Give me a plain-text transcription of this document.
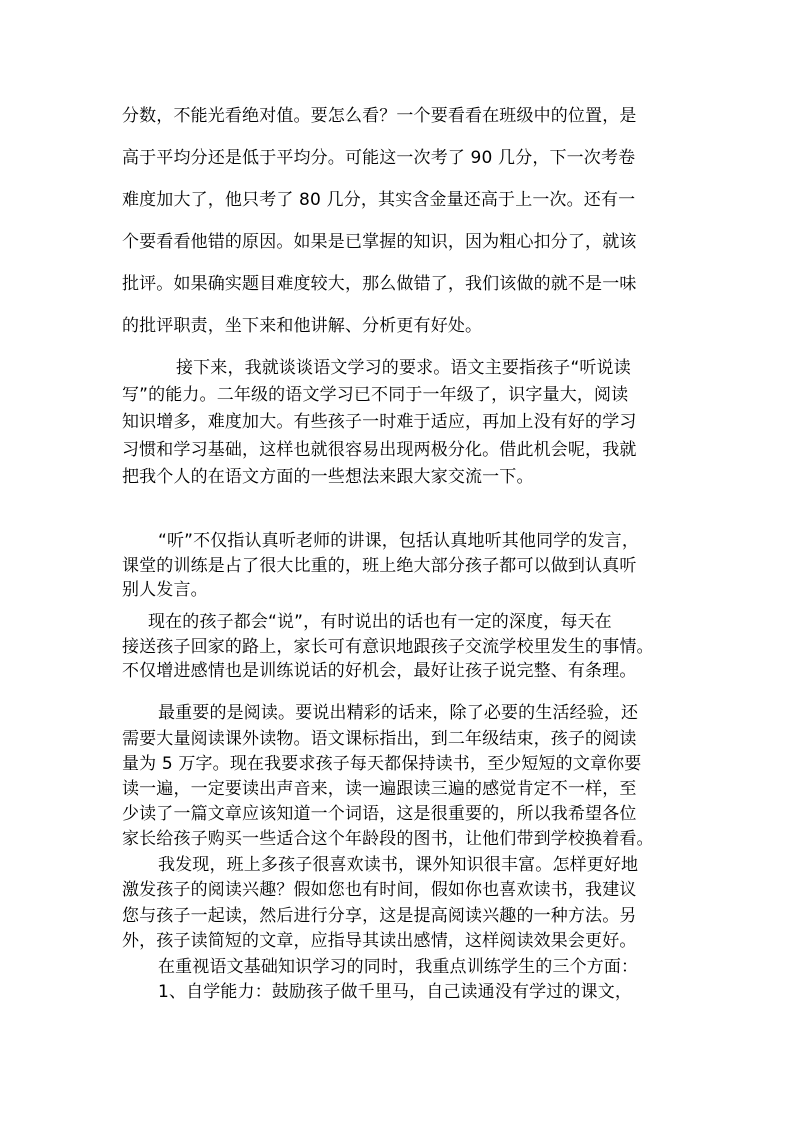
分数，不能光看绝对值。要怎么看？一个要看看在班级中的位置，是
高于平均分还是低于平均分。可能这一次考了 90 几分，下一次考卷
难度加大了，他只考了 80 几分，其实含金量还高于上一次。还有一
个要看看他错的原因。如果是已掌握的知识，因为粗心扣分了，就该
批评。如果确实题目难度较大，那么做错了，我们该做的就不是一味
的批评职责，坐下来和他讲解、分析更有好处。
接下来，我就谈谈语文学习的要求。语文主要指孩子“听说读
写”的能力。二年级的语文学习已不同于一年级了，识字量大，阅读
知识增多，难度加大。有些孩子一时难于适应，再加上没有好的学习
习惯和学习基础，这样也就很容易出现两极分化。借此机会呢，我就
把我个人的在语文方面的一些想法来跟大家交流一下。
“听”不仅指认真听老师的讲课，包括认真地听其他同学的发言，
课堂的训练是占了很大比重的，班上绝大部分孩子都可以做到认真听
别人发言。
现在的孩子都会“说”，有时说出的话也有一定的深度，每天在
接送孩子回家的路上，家长可有意识地跟孩子交流学校里发生的事情。
不仅增进感情也是训练说话的好机会，最好让孩子说完整、有条理。
最重要的是阅读。要说出精彩的话来，除了必要的生活经验，还
需要大量阅读课外读物。语文课标指出，到二年级结束，孩子的阅读
量为 5 万字。现在我要求孩子每天都保持读书，至少短短的文章你要
读一遍，一定要读出声音来，读一遍跟读三遍的感觉肯定不一样，至
少读了一篇文章应该知道一个词语，这是很重要的，所以我希望各位
家长给孩子购买一些适合这个年龄段的图书，让他们带到学校换着看。
我发现，班上多孩子很喜欢读书，课外知识很丰富。怎样更好地
激发孩子的阅读兴趣？假如您也有时间，假如你也喜欢读书，我建议
您与孩子一起读，然后进行分享，这是提高阅读兴趣的一种方法。另
外，孩子读简短的文章，应指导其读出感情，这样阅读效果会更好。
在重视语文基础知识学习的同时，我重点训练学生的三个方面：
1、自学能力：鼓励孩子做千里马，自己读通没有学过的课文，
